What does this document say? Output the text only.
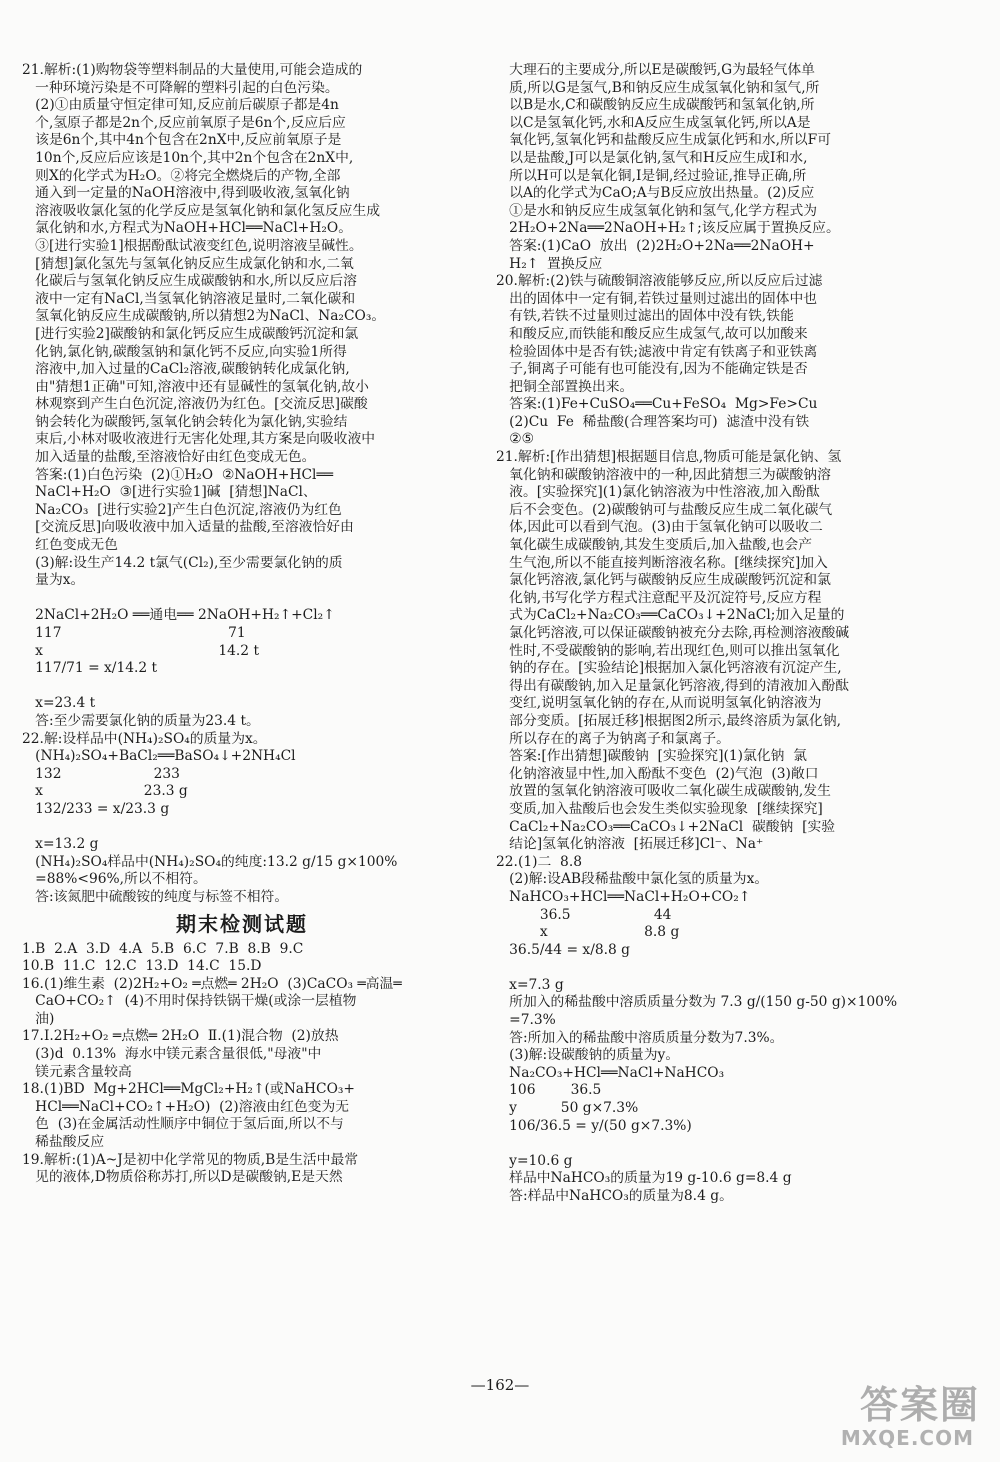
21.解析:(1)购物袋等塑料制品的大量使用,可能会造成的
一种环境污染是不可降解的塑料引起的白色污染。
(2)①由质量守恒定律可知,反应前后碳原子都是4n
个,氢原子都是2n个,反应前氧原子是6n个,反应后应
该是6n个,其中4n个包含在2nX中,反应前氧原子是
10n个,反应后应该是10n个,其中2n个包含在2nX中,
则X的化学式为H₂O。②将完全燃烧后的产物,全部
通入到一定量的NaOH溶液中,得到吸收液,氢氧化钠
溶液吸收氯化氢的化学反应是氢氧化钠和氯化氢反应生成
氯化钠和水,方程式为NaOH+HCl══NaCl+H₂O。
③[进行实验1]根据酚酞试液变红色,说明溶液呈碱性。
[猜想]氯化氢先与氢氧化钠反应生成氯化钠和水,二氧
化碳后与氢氧化钠反应生成碳酸钠和水,所以反应后溶
液中一定有NaCl,当氢氧化钠溶液足量时,二氧化碳和
氢氧化钠反应生成碳酸钠,所以猜想2为NaCl、Na₂CO₃。
[进行实验2]碳酸钠和氯化钙反应生成碳酸钙沉淀和氯
化钠,氯化钠,碳酸氢钠和氯化钙不反应,向实验1所得
溶液中,加入过量的CaCl₂溶液,碳酸钠转化成氯化钠,
由"猜想1正确"可知,溶液中还有显碱性的氢氧化钠,故小
林观察到产生白色沉淀,溶液仍为红色。[交流反思]碳酸
钠会转化为碳酸钙,氢氧化钠会转化为氯化钠,实验结
束后,小林对吸收液进行无害化处理,其方案是向吸收液中
加入适量的盐酸,至溶液恰好由红色变成无色。
答案:(1)白色污染  (2)①H₂O  ②NaOH+HCl══
NaCl+H₂O  ③[进行实验1]碱  [猜想]NaCl、
Na₂CO₃  [进行实验2]产生白色沉淀,溶液仍为红色
[交流反思]向吸收液中加入适量的盐酸,至溶液恰好由
红色变成无色
(3)解:设生产14.2 t氯气(Cl₂),至少需要氯化钠的质
量为x。
2NaCl+2H₂O ══通电══ 2NaOH+H₂↑+Cl₂↑
117                                      71
x                                        14.2 t
117/71 = x/14.2 t
x=23.4 t
答:至少需要氯化钠的质量为23.4 t。
22.解:设样品中(NH₄)₂SO₄的质量为x。
(NH₄)₂SO₄+BaCl₂══BaSO₄↓+2NH₄Cl
132                     233
x                       23.3 g
132/233 = x/23.3 g
x=13.2 g
(NH₄)₂SO₄样品中(NH₄)₂SO₄的纯度:13.2 g/15 g×100%
=88%<96%,所以不相符。
答:该氮肥中硫酸铵的纯度与标签不相符。
期末检测试题
1.B  2.A  3.D  4.A  5.B  6.C  7.B  8.B  9.C
10.B  11.C  12.C  13.D  14.C  15.D
16.(1)维生素  (2)2H₂+O₂ ═点燃═ 2H₂O  (3)CaCO₃ ═高温═
CaO+CO₂↑  (4)不用时保持铁锅干燥(或涂一层植物
油)
17.Ⅰ.2H₂+O₂ ═点燃═ 2H₂O  Ⅱ.(1)混合物  (2)放热
(3)d  0.13%  海水中镁元素含量很低,"母液"中
镁元素含量较高
18.(1)BD  Mg+2HCl══MgCl₂+H₂↑(或NaHCO₃+
HCl══NaCl+CO₂↑+H₂O)  (2)溶液由红色变为无
色  (3)在金属活动性顺序中铜位于氢后面,所以不与
稀盐酸反应
19.解析:(1)A~J是初中化学常见的物质,B是生活中最常
见的液体,D物质俗称苏打,所以D是碳酸钠,E是天然
大理石的主要成分,所以E是碳酸钙,G为最轻气体单
质,所以G是氢气,B和钠反应生成氢氧化钠和氢气,所
以B是水,C和碳酸钠反应生成碳酸钙和氢氧化钠,所
以C是氢氧化钙,水和A反应生成氢氧化钙,所以A是
氧化钙,氢氧化钙和盐酸反应生成氯化钙和水,所以F可
以是盐酸,J可以是氯化钠,氢气和H反应生成I和水,
所以H可以是氧化铜,I是铜,经过验证,推导正确,所
以A的化学式为CaO;A与B反应放出热量。(2)反应
①是水和钠反应生成氢氧化钠和氢气,化学方程式为
2H₂O+2Na══2NaOH+H₂↑;该反应属于置换反应。
答案:(1)CaO  放出  (2)2H₂O+2Na══2NaOH+
H₂↑  置换反应
20.解析:(2)铁与硫酸铜溶液能够反应,所以反应后过滤
出的固体中一定有铜,若铁过量则过滤出的固体中也
有铁,若铁不过量则过滤出的固体中没有铁,铁能
和酸反应,而铁能和酸反应生成氢气,故可以加酸来
检验固体中是否有铁;滤液中肯定有铁离子和亚铁离
子,铜离子可能有也可能没有,因为不能确定铁是否
把铜全部置换出来。
答案:(1)Fe+CuSO₄══Cu+FeSO₄  Mg>Fe>Cu
(2)Cu  Fe  稀盐酸(合理答案均可)  滤渣中没有铁
②⑤
21.解析:[作出猜想]根据题目信息,物质可能是氯化钠、氢
氧化钠和碳酸钠溶液中的一种,因此猜想三为碳酸钠溶
液。[实验探究](1)氯化钠溶液为中性溶液,加入酚酞
后不会变色。(2)碳酸钠可与盐酸反应生成二氧化碳气
体,因此可以看到气泡。(3)由于氢氧化钠可以吸收二
氧化碳生成碳酸钠,其发生变质后,加入盐酸,也会产
生气泡,所以不能直接判断溶液名称。[继续探究]加入
氯化钙溶液,氯化钙与碳酸钠反应生成碳酸钙沉淀和氯
化钠,书写化学方程式注意配平及沉淀符号,反应方程
式为CaCl₂+Na₂CO₃══CaCO₃↓+2NaCl;加入足量的
氯化钙溶液,可以保证碳酸钠被充分去除,再检测溶液酸碱
性时,不受碳酸钠的影响,若出现红色,则可以推出氢氧化
钠的存在。[实验结论]根据加入氯化钙溶液有沉淀产生,
得出有碳酸钠,加入足量氯化钙溶液,得到的清液加入酚酞
变红,说明氢氧化钠的存在,从而说明氢氧化钠溶液为
部分变质。[拓展迁移]根据图2所示,最终溶质为氯化钠,
所以存在的离子为钠离子和氯离子。
答案:[作出猜想]碳酸钠  [实验探究](1)氯化钠  氯
化钠溶液显中性,加入酚酞不变色  (2)气泡  (3)敞口
放置的氢氧化钠溶液可吸收二氧化碳生成碳酸钠,发生
变质,加入盐酸后也会发生类似实验现象  [继续探究]
CaCl₂+Na₂CO₃══CaCO₃↓+2NaCl  碳酸钠  [实验
结论]氢氧化钠溶液  [拓展迁移]Cl⁻、Na⁺
22.(1)二  8.8
(2)解:设AB段稀盐酸中氯化氢的质量为x。
NaHCO₃+HCl══NaCl+H₂O+CO₂↑
36.5                   44
x                      8.8 g
36.5/44 = x/8.8 g
x=7.3 g
所加入的稀盐酸中溶质质量分数为 7.3 g/(150 g-50 g)×100%
=7.3%
答:所加入的稀盐酸中溶质质量分数为7.3%。
(3)解:设碳酸钠的质量为y。
Na₂CO₃+HCl══NaCl+NaHCO₃
106        36.5
y          50 g×7.3%
106/36.5 = y/(50 g×7.3%)
y=10.6 g
样品中NaHCO₃的质量为19 g-10.6 g=8.4 g
答:样品中NaHCO₃的质量为8.4 g。
—162—	答案圈
MXQE.COM
